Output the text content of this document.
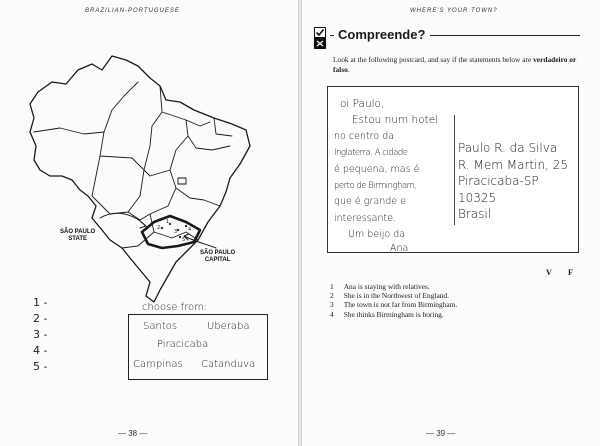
BRAZILIAN-PORTUGUESE
2
1
3 4
5
SÃO PAULO
STATE
SÃO PAULO
CAPITAL
1 -
2 -
3 -
4 -
5 -
choose from:
Santos	Uberaba
Piracicaba
Campinas Catanduva
— 38 —
WHERE'S YOUR TOWN?
Compreende?
Look at the following postcard, and say if the statements below are verdadeiro or falso.
oi Paulo,
Estou num hotel
no centro da
Inglaterra. A cidade
é pequena, mas é
perto de Birmingham,
que é grande e
interessante.
Um beijo da
Ana
Paulo R. da Silva
R. Mem Martin, 25
Piracicaba-SP
10325
Brasil
V F
1 Ana is staying with relatives.
2 She is in the Northwest of England.
3 The town is not far from Birmingham.
4 She thinks Birmingham is boring.
— 39 —
